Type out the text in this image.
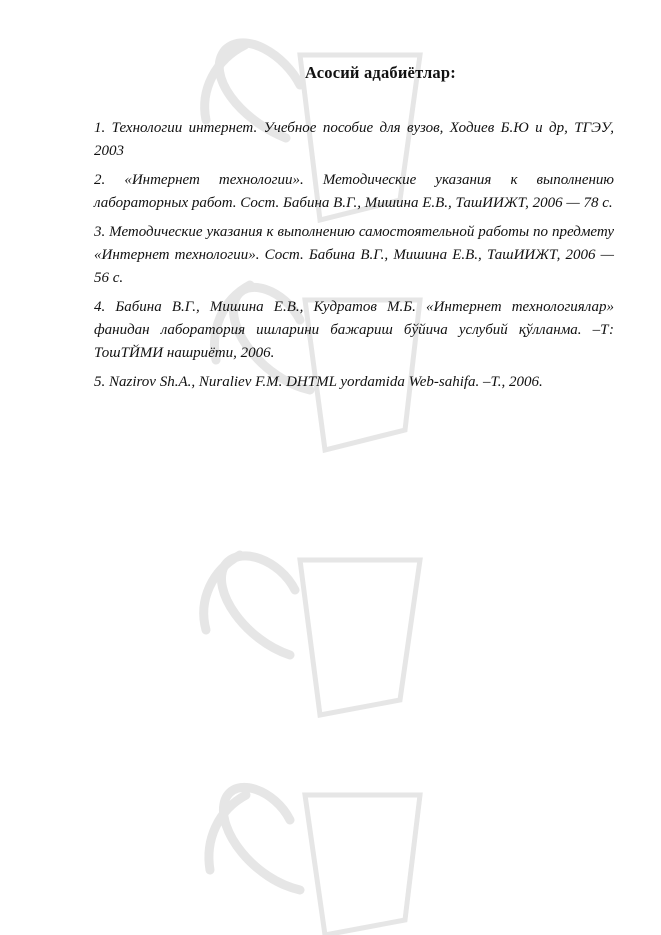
Асосий адабиётлар:
1. Технологии интернет. Учебное пособие для вузов, Ходиев Б.Ю и др, ТГЭУ, 2003
2. «Интернет технологии». Методические указания к выполнению лабораторных работ. Сост. Бабина В.Г., Мишина Е.В., ТашИИЖТ, 2006 — 78 с.
3. Методические указания к выполнению самостоятельной работы по предмету «Интернет технологии». Сост. Бабина В.Г., Мишина Е.В., ТашИИЖТ, 2006 — 56 с.
4. Бабина В.Г., Мишина Е.В., Кудратов М.Б. «Интернет технологиялар» фанидан лаборатория ишларини бажариш бўйича услубий қўлланма. –Т: ТошТЙМИ нашриёти, 2006.
5. Nazirov Sh.A., Nuraliev F.M. DHTML yordamida Web-sahifa. –T., 2006.
